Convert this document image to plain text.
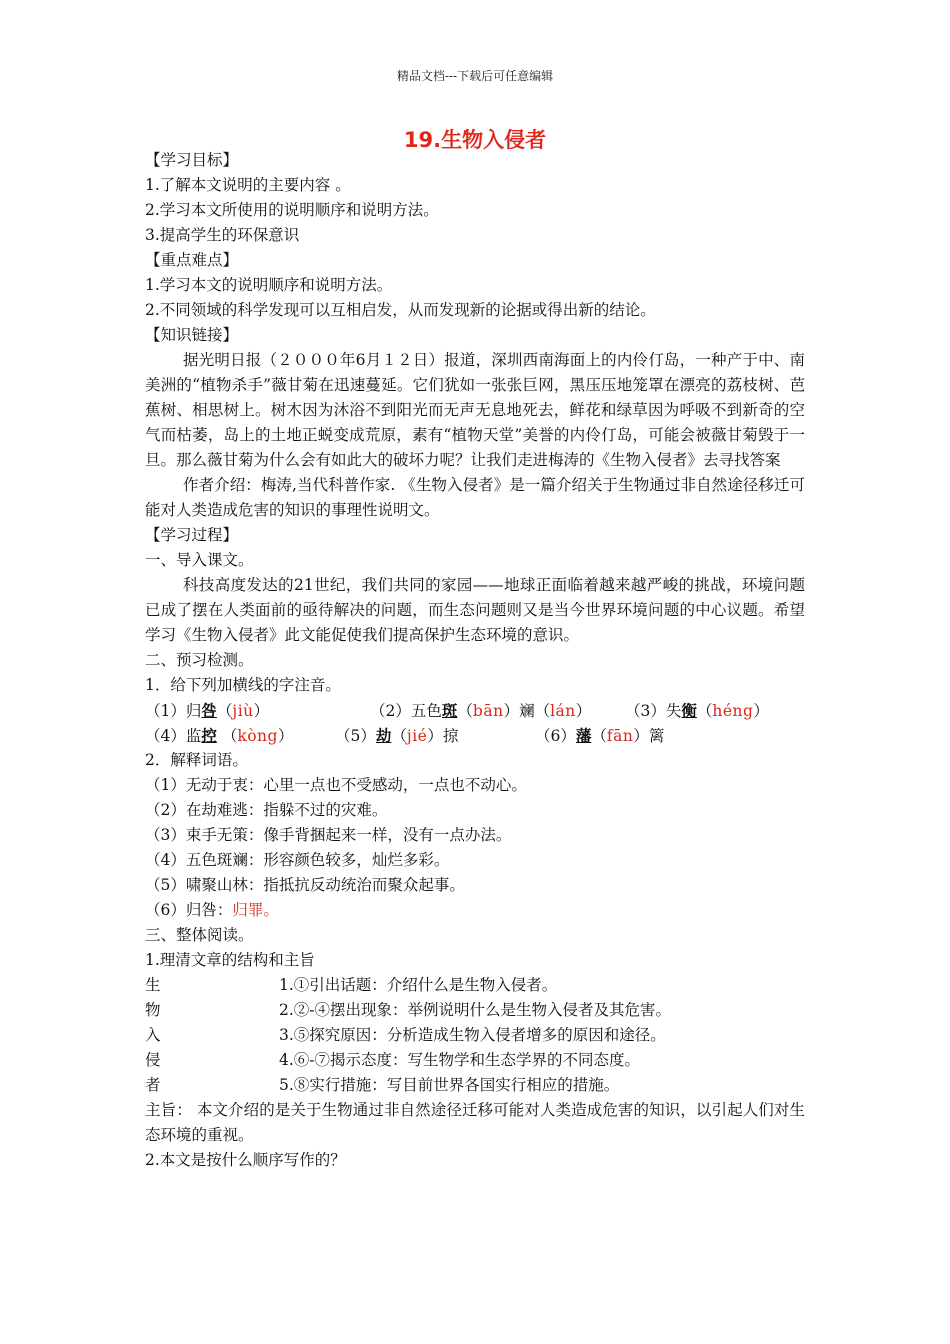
精品文档---下载后可任意编辑
19.生物入侵者
【学习目标】
1.了解本文说明的主要内容 。
2.学习本文所使用的说明顺序和说明方法。
3.提高学生的环保意识
【重点难点】
1.学习本文的说明顺序和说明方法。
2.不同领域的科学发现可以互相启发，从而发现新的论据或得出新的结论。
【知识链接】
据光明日报（２０００年6月１２日）报道，深圳西南海面上的内伶仃岛，一种产于中、南美洲的“植物杀手”薇甘菊在迅速蔓延。它们犹如一张张巨网，黑压压地笼罩在漂亮的荔枝树、芭蕉树、相思树上。树木因为沐浴不到阳光而无声无息地死去，鲜花和绿草因为呼吸不到新奇的空气而枯萎，岛上的土地正蜕变成荒原，素有“植物天堂”美誉的内伶仃岛，可能会被薇甘菊毁于一旦。那么薇甘菊为什么会有如此大的破坏力呢？让我们走进梅涛的《生物入侵者》去寻找答案
作者介绍：梅涛,当代科普作家. 《生物入侵者》是一篇介绍关于生物通过非自然途径移迁可能对人类造成危害的知识的事理性说明文。
【学习过程】
一、导入课文。
科技高度发达的21世纪，我们共同的家园——地球正面临着越来越严峻的挑战，环境问题已成了摆在人类面前的亟待解决的问题，而生态问题则又是当今世界环境问题的中心议题。希望学习《生物入侵者》此文能促使我们提高保护生态环境的意识。
二、预习检测。
1．给下列加横线的字注音。
（1）归咎（jiù）	（2）五色斑（bān）斓（lán）	（3）失衡（héng）
（4）监控 （kòng）	（5）劫（jié）掠	（6）藩（fān）篱
2．解释词语。
（1）无动于衷：心里一点也不受感动，一点也不动心。
（2）在劫难逃：指躲不过的灾难。
（3）束手无策：像手背捆起来一样，没有一点办法。
（4）五色斑斓：形容颜色较多，灿烂多彩。
（5）啸聚山林：指抵抗反动统治而聚众起事。
（6）归咎：归罪。
三、整体阅读。
1.理清文章的结构和主旨
生	1.①引出话题：介绍什么是生物入侵者。
物	2.②-④摆出现象：举例说明什么是生物入侵者及其危害。
入	3.⑤探究原因：分析造成生物入侵者增多的原因和途径。
侵	4.⑥-⑦揭示态度：写生物学和生态学界的不同态度。
者	5.⑧实行措施：写目前世界各国实行相应的措施。
主旨： 本文介绍的是关于生物通过非自然途径迁移可能对人类造成危害的知识，以引起人们对生态环境的重视。
2.本文是按什么顺序写作的？
